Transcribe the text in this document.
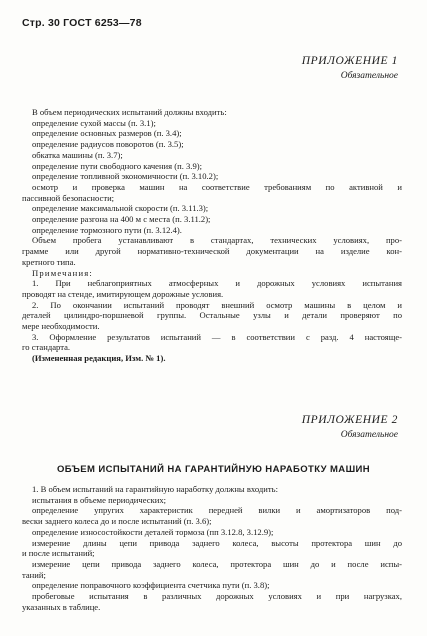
Стр. 30 ГОСТ 6253—78
ПРИЛОЖЕНИЕ 1
Обязательное

В объем периодических испытаний должны входить:

определение сухой массы (п. 3.1);

определение основных размеров (п. 3.4);

определение радиусов поворотов (п. 3.5);

обкатка машины (п. 3.7);

определение пути свободного качения (п. 3.9);

определение топливной экономичности (п. 3.10.2);

осмотр и проверка машин на соответствие требованиям по активной и

пассивной безопасности;

определение максимальной скорости (п. 3.11.3);

определение разгона на 400 м с места (п. 3.11.2);

определение тормозного пути (п. 3.12.4).

Объем пробега устанавливают в стандартах, технических условиях, про-

грамме или другой нормативно-технической документации на изделие кон-

кретного типа.

Примечания:

1. При неблагоприятных атмосферных и дорожных условиях испытания

проводят на стенде, имитирующем дорожные условия.

2. По окончании испытаний проводят внешний осмотр машины в целом и

деталей цилиндро-поршневой группы. Остальные узлы и детали проверяют по

мере необходимости.

3. Оформление результатов испытаний — в соответствии с разд. 4 настояще-

го стандарта.

(Измененная редакция, Изм. № 1).

ПРИЛОЖЕНИЕ 2
Обязательное
ОБЪЕМ ИСПЫТАНИЙ НА ГАРАНТИЙНУЮ НАРАБОТКУ МАШИН

1. В объем испытаний на гарантийную наработку должны входить:

испытания в объеме периодических;

определение упругих характеристик передней вилки и амортизаторов под-

вески заднего колеса до и после испытаний (п. 3.6);

определение износостойкости деталей тормоза (пп 3.12.8, 3.12.9);

измерение длины цепи привода заднего колеса, высоты протектора шин до

и после испытаний;

измерение цепи привода заднего колеса, протектора шин до и после испы-

таний;

определение поправочного коэффициента счетчика пути (п. 3.8);

пробеговые испытания в различных дорожных условиях и при нагрузках,

указанных в таблице.
